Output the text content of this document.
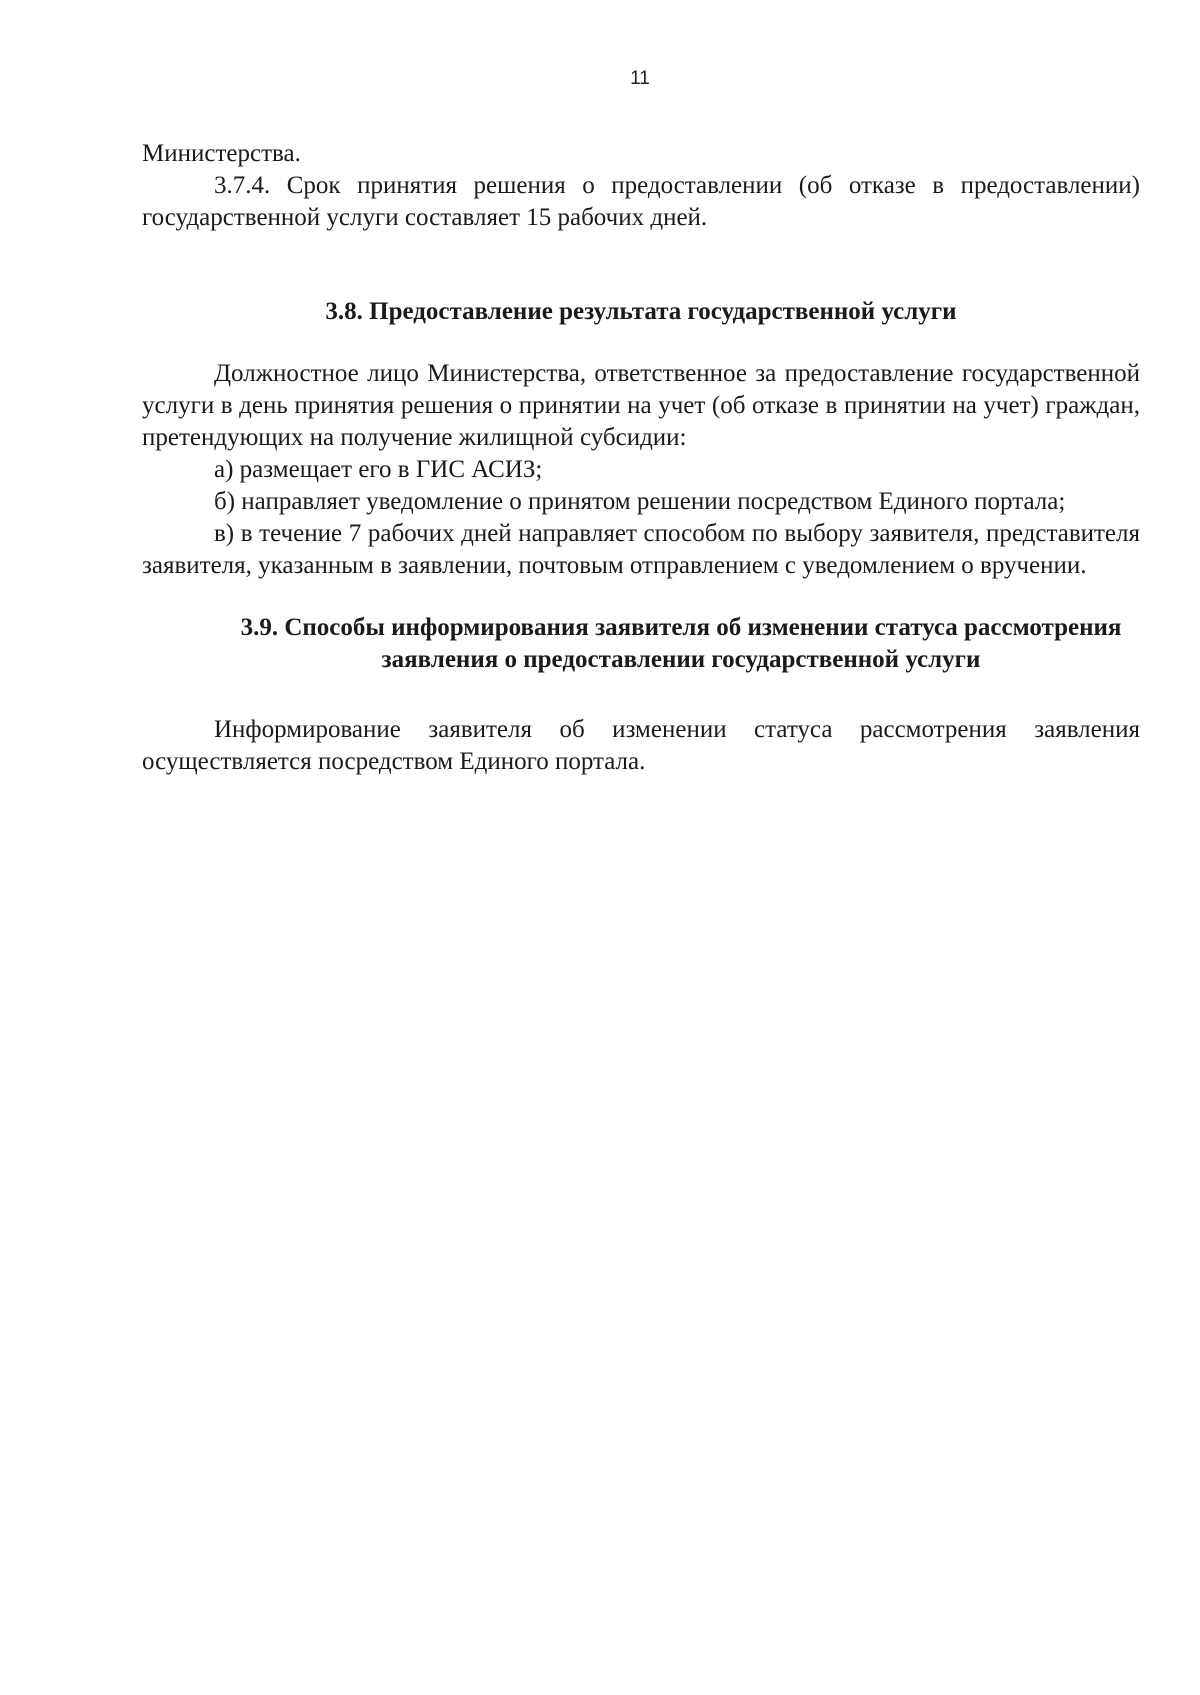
11

Министерства.

3.7.4. Срок принятия решения о предоставлении (об отказе в предоставлении) государственной услуги составляет 15 рабочих дней.

3.8. Предоставление результата государственной услуги

Должностное лицо Министерства, ответственное за предоставление государственной услуги в день принятия решения о принятии на учет (об отказе в принятии на учет) граждан, претендующих на получение жилищной субсидии:

а) размещает его в ГИС АСИЗ;

б) направляет уведомление о принятом решении посредством Единого портала;

в) в течение 7 рабочих дней направляет способом по выбору заявителя, представителя заявителя, указанным в заявлении, почтовым отправлением с уведомлением о вручении.

3.9. Способы информирования заявителя об изменении статуса рассмотрения заявления о предоставлении государственной услуги

Информирование заявителя об изменении статуса рассмотрения заявления осуществляется посредством Единого портала.
